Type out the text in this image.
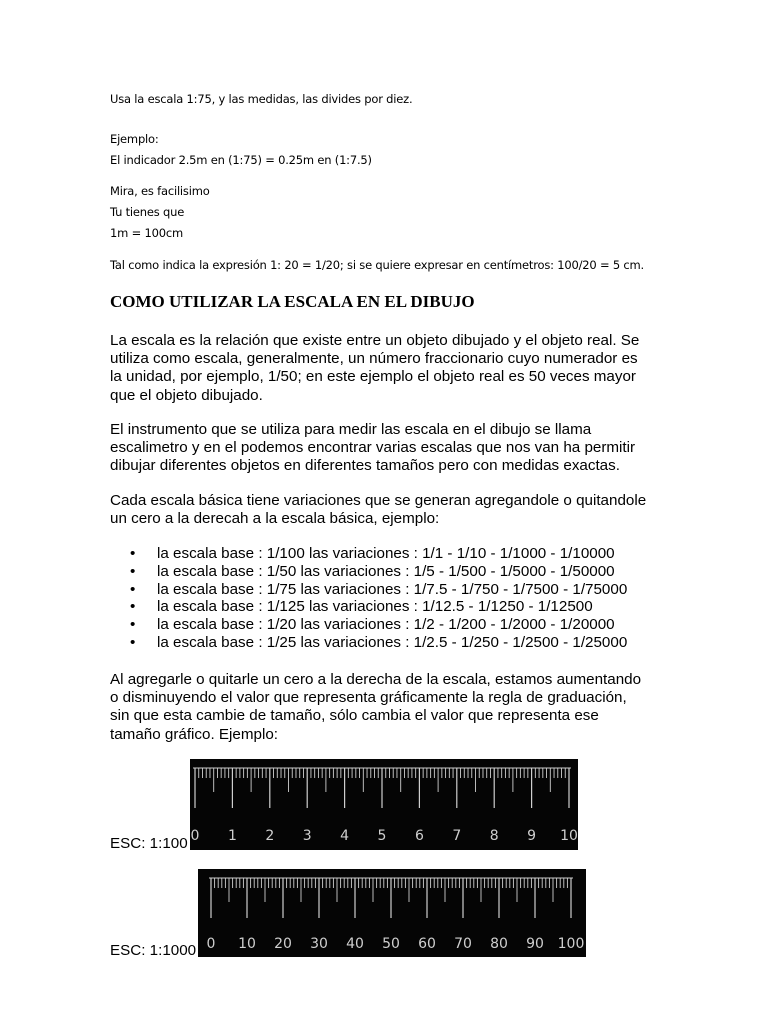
Usa la escala 1:75, y las medidas, las divides por diez.
Ejemplo:
El indicador 2.5m en (1:75) = 0.25m en (1:7.5)
Mira, es facilisimo
Tu tienes que
1m = 100cm
Tal como indica la expresión 1: 20 = 1/20; si se quiere expresar en centímetros: 100/20 = 5 cm.
COMO UTILIZAR LA ESCALA EN EL DIBUJO
La escala es la relación que existe entre un objeto dibujado y el objeto real. Se
utiliza como escala, generalmente, un número fraccionario cuyo numerador es
la unidad, por ejemplo, 1/50; en este ejemplo el objeto real es 50 veces mayor
que el objeto dibujado.
El instrumento que se utiliza para medir las escala en el dibujo se llama
escalimetro y en el podemos encontrar varias escalas que nos van ha permitir
dibujar diferentes objetos en diferentes tamaños pero con medidas exactas.
Cada escala básica tiene variaciones que se generan agregandole o quitandole
un cero a la derecah a la escala básica, ejemplo:
• la escala base : 1/100 las variaciones : 1/1 - 1/10 - 1/1000 - 1/10000
• la escala base : 1/50 las variaciones : 1/5 - 1/500 - 1/5000 - 1/50000
• la escala base : 1/75 las variaciones : 1/7.5 - 1/750 - 1/7500 - 1/75000
• la escala base : 1/125 las variaciones : 1/12.5 - 1/1250 - 1/12500
• la escala base : 1/20 las variaciones : 1/2 - 1/200 - 1/2000 - 1/20000
• la escala base : 1/25 las variaciones : 1/2.5 - 1/250 - 1/2500 - 1/25000
Al agregarle o quitarle un cero a la derecha de la escala, estamos aumentando
o disminuyendo el valor que representa gráficamente la regla de graduación,
sin que esta cambie de tamaño, sólo cambia el valor que representa ese
tamaño gráfico. Ejemplo:
ESC: 1:100 0 1 2 3 4 5 6 7 8 9 10
ESC: 1:1000 0 10 20 30 40 50 60 70 80 90 100
